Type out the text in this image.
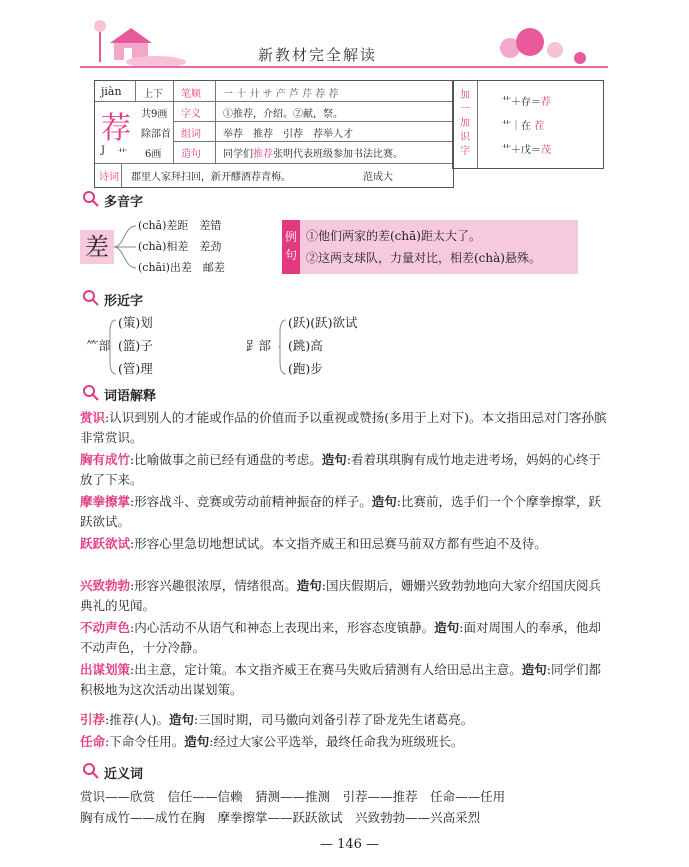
新教材完全解读
jiàn 上下 笔顺 一 十 廾 サ 产 芦 芹 荐 荐
荐 共9画 字义 ①推荐，介绍。②献，祭。
除部首 组词 举荐　推荐　引荐　荐举人才
J 艹 6画 造句 同学们推荐张明代表班级参加书法比赛。
诗词 郡里人家拜扫回，新开醪酒荐青梅。	范成大
加一加识字
艹＋存＝荐
艹｜在 茬
艹＋戊＝茂
多音字
差
(chā)差距　差错
(chà)相差　差劲
(chāi)出差　邮差
例句
①他们两家的差(chā)距太大了。
②这两支球队，力量对比，相差(chà)悬殊。
形近字
⺮部
(策)划
(篮)子
(管)理
𧾷部
(跃)(跃)欲试
(跳)高
(跑)步
词语解释
赏识:认识到别人的才能或作品的价值而予以重视或赞扬(多用于上对下)。本文指田忌对门客孙膑非常赏识。
胸有成竹:比喻做事之前已经有通盘的考虑。造句:看着琪琪胸有成竹地走进考场，妈妈的心终于放了下来。
摩拳擦掌:形容战斗、竞赛或劳动前精神振奋的样子。造句:比赛前，选手们一个个摩拳擦掌，跃跃欲试。
跃跃欲试:形容心里急切地想试试。本文指齐威王和田忌赛马前双方都有些迫不及待。
兴致勃勃:形容兴趣很浓厚，情绪很高。造句:国庆假期后，姗姗兴致勃勃地向大家介绍国庆阅兵典礼的见闻。
不动声色:内心活动不从语气和神态上表现出来，形容态度镇静。造句:面对周围人的奉承，他却不动声色，十分冷静。
出谋划策:出主意，定计策。本文指齐威王在赛马失败后猜测有人给田忌出主意。造句:同学们都积极地为这次活动出谋划策。
引荐:推荐(人)。造句:三国时期，司马徽向刘备引荐了卧龙先生诸葛亮。
任命:下命令任用。造句:经过大家公平选举，最终任命我为班级班长。
近义词
赏识——欣赏　 信任——信赖　 猜测——推测　 引荐——推荐　 任命——任用
胸有成竹——成竹在胸　 摩拳擦掌——跃跃欲试　 兴致勃勃——兴高采烈
— 146 —
